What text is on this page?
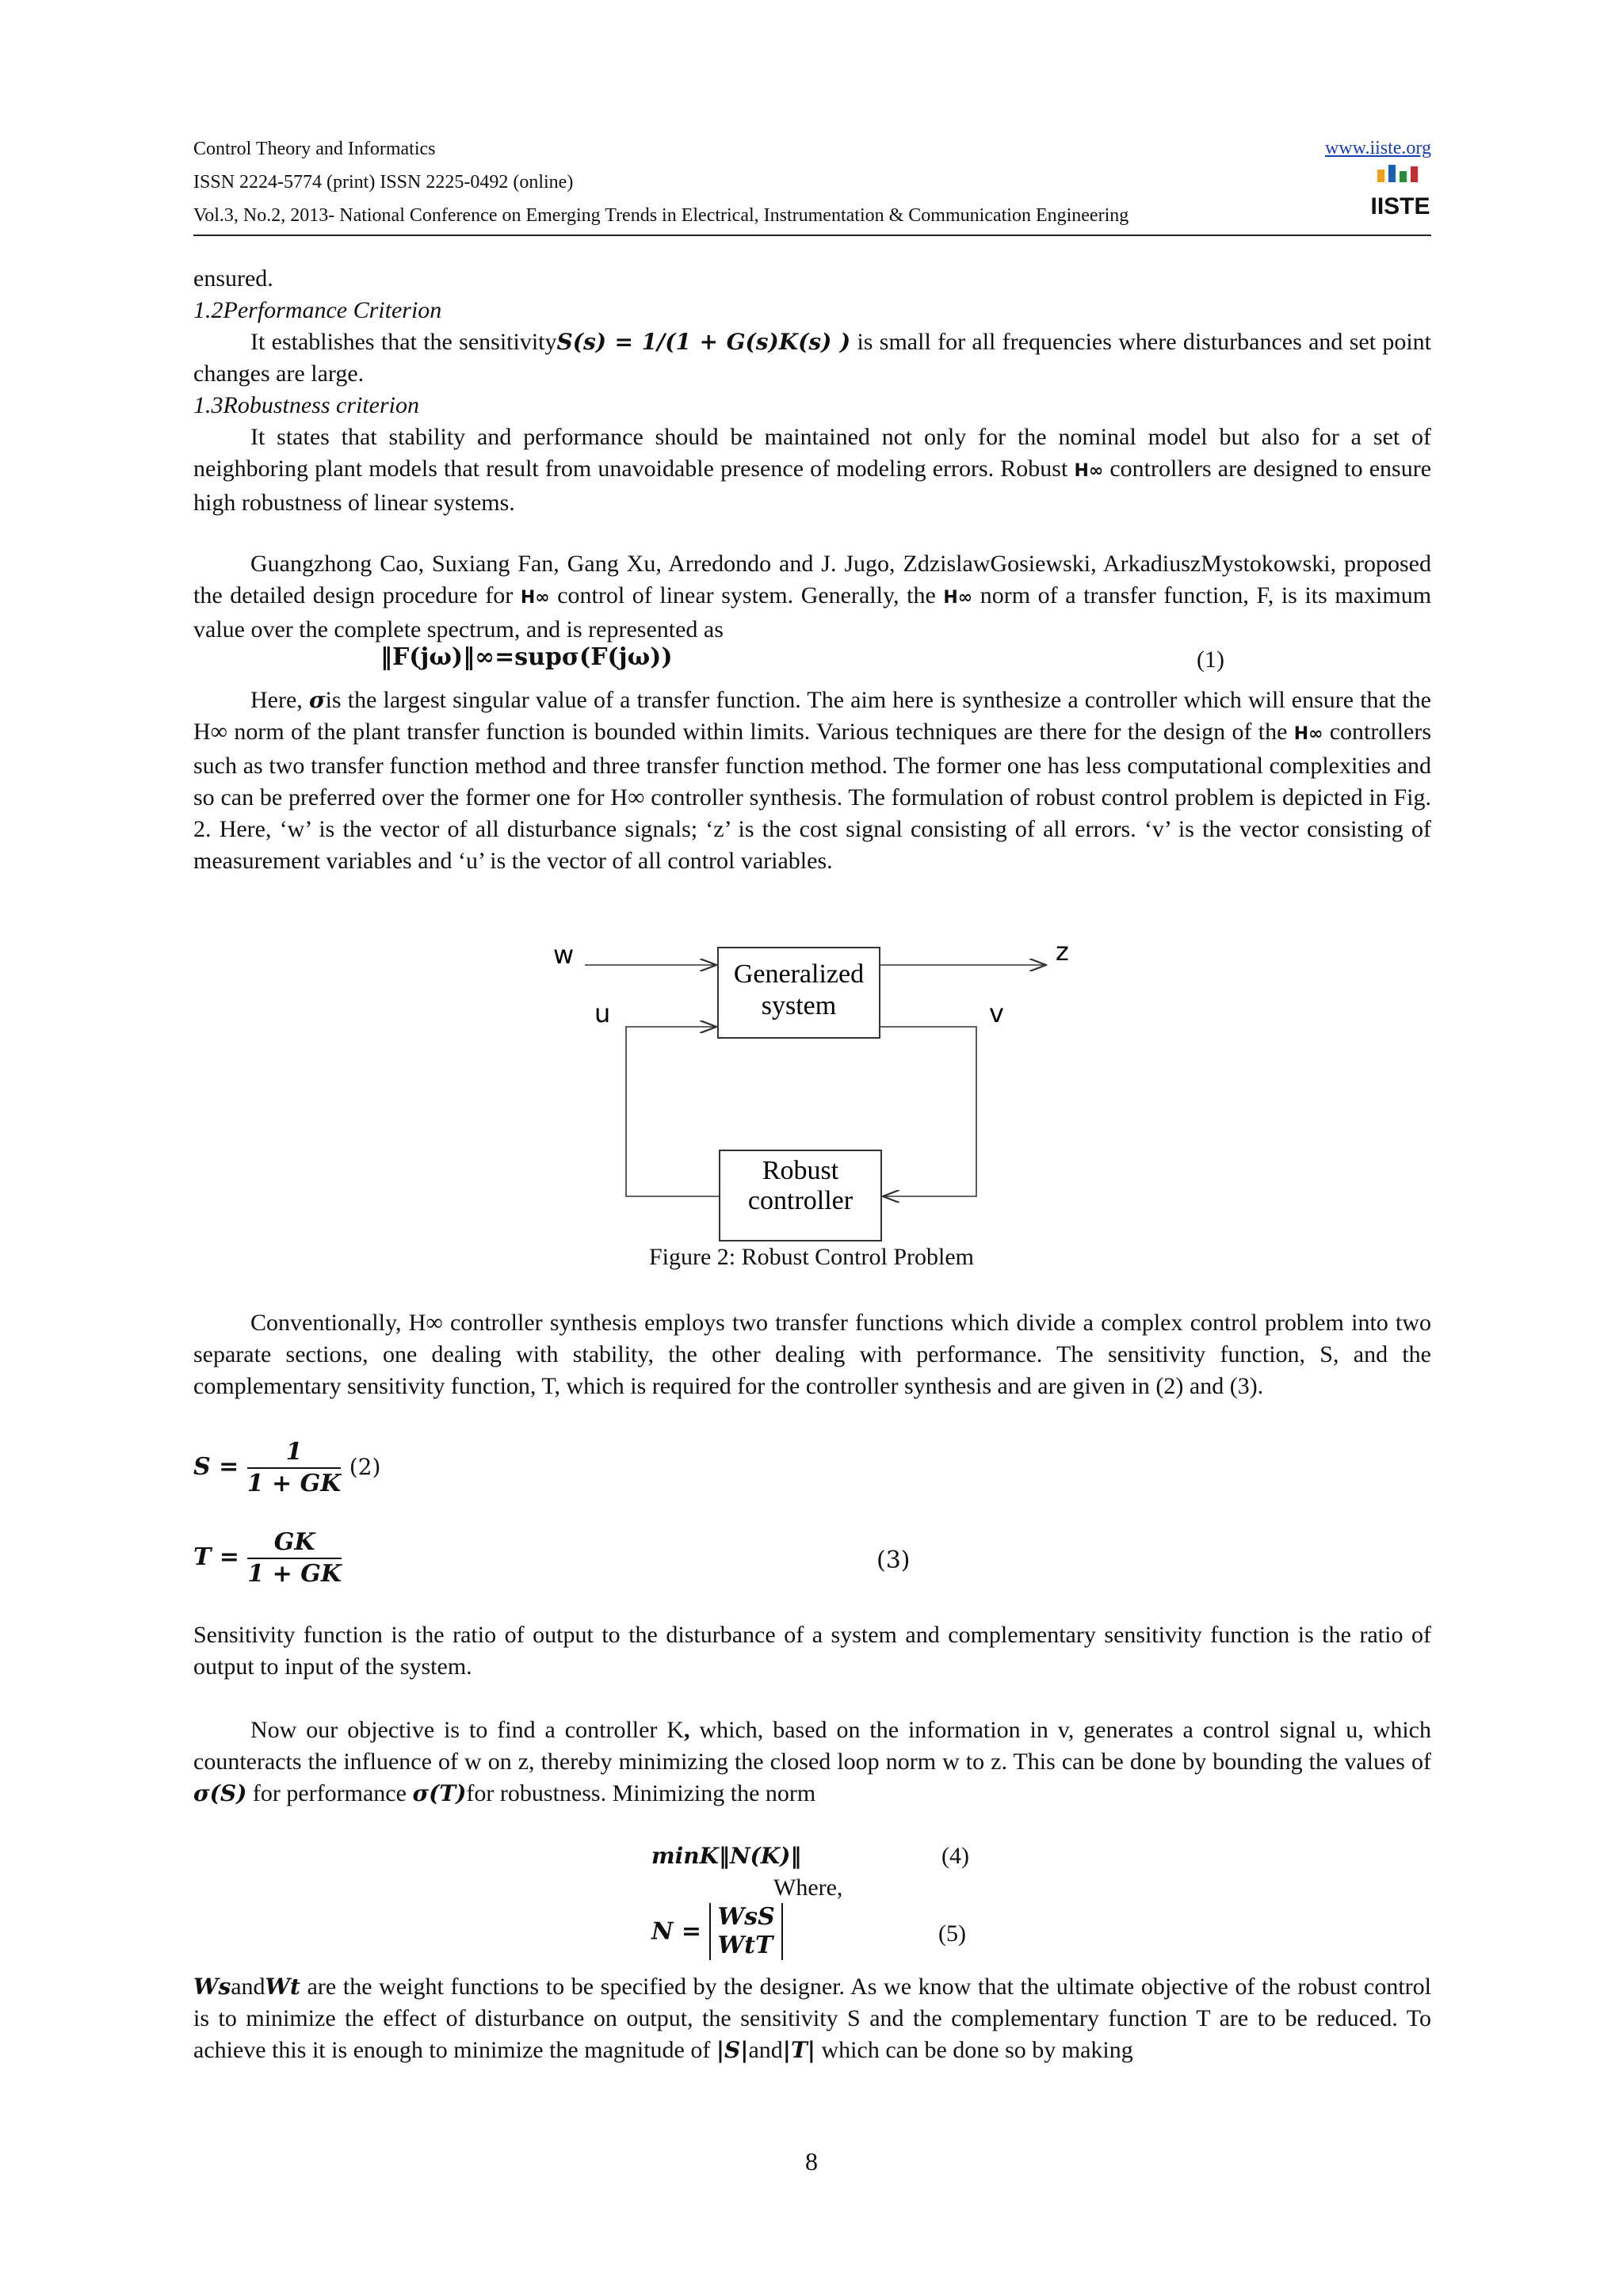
Control Theory and Informatics
ISSN 2224-5774 (print) ISSN 2225-0492 (online)
Vol.3, No.2, 2013- National Conference on Emerging Trends in Electrical, Instrumentation & Communication Engineering
www.iiste.org
IISTE
ensured.
1.2Performance Criterion
It establishes that the sensitivityS(s) = 1/(1 + G(s)K(s) ) is small for all frequencies where disturbances and set point changes are large.
1.3Robustness criterion
It states that stability and performance should be maintained not only for the nominal model but also for a set of neighboring plant models that result from unavoidable presence of modeling errors. Robust H∞ controllers are designed to ensure high robustness of linear systems.
Guangzhong Cao, Suxiang Fan, Gang Xu, Arredondo and J. Jugo, ZdzislawGosiewski, ArkadiuszMystokowski, proposed the detailed design procedure for H∞ control of linear system. Generally, the H∞ norm of a transfer function, F, is its maximum value over the complete spectrum, and is represented as
‖F(jω)‖∞=supσ(F(jω))	(1)
Here, σis the largest singular value of a transfer function. The aim here is synthesize a controller which will ensure that the H∞ norm of the plant transfer function is bounded within limits. Various techniques are there for the design of the H∞ controllers such as two transfer function method and three transfer function method. The former one has less computational complexities and so can be preferred over the former one for H∞ controller synthesis. The formulation of robust control problem is depicted in Fig. 2. Here, ‘w’ is the vector of all disturbance signals; ‘z’ is the cost signal consisting of all errors. ‘v’ is the vector consisting of measurement variables and ‘u’ is the vector of all control variables.
Generalized
system
Robust
controller
w	z
u	v
Figure 2: Robust Control Problem
Conventionally, H∞ controller synthesis employs two transfer functions which divide a complex control problem into two separate sections, one dealing with stability, the other dealing with performance. The sensitivity function, S, and the complementary sensitivity function, T, which is required for the controller synthesis and are given in (2) and (3).
$S = \frac{1}{1 + GK} (2)$
$T = \frac{GK}{1 + GK}$	(3)
Sensitivity function is the ratio of output to the disturbance of a system and complementary sensitivity function is the ratio of output to input of the system.
Now our objective is to find a controller K, which, based on the information in v, generates a control signal u, which counteracts the influence of w on z, thereby minimizing the closed loop norm w to z. This can be done by bounding the values of σ(S) for performance σ(T)for robustness. Minimizing the norm
minK‖N(K)‖	(4)
Where,
N =
WsS
WtT	(5)
WsandWt are the weight functions to be specified by the designer. As we know that the ultimate objective of the robust control is to minimize the effect of disturbance on output, the sensitivity S and the complementary function T are to be reduced. To achieve this it is enough to minimize the magnitude of |S|and|T| which can be done so by making
8
